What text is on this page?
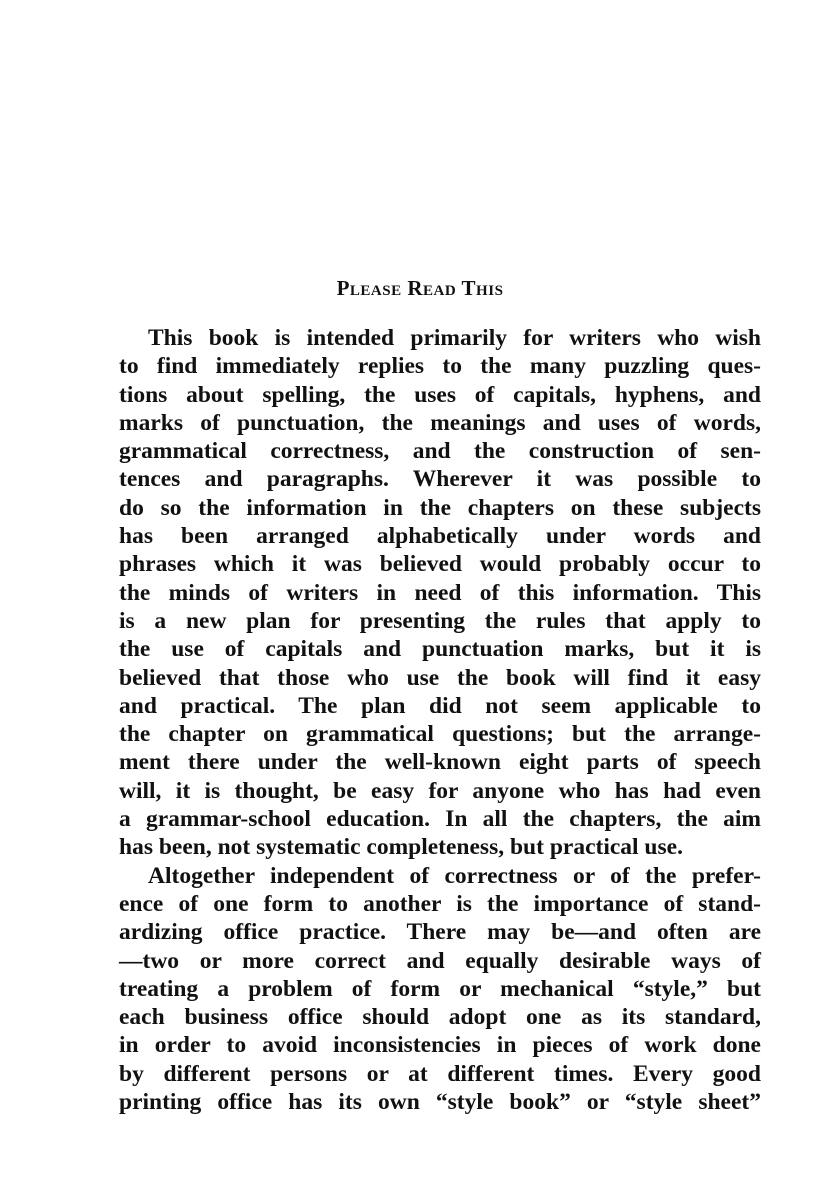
Please Read This
This book is intended primarily for writers who wish
to find immediately replies to the many puzzling ques-
tions about spelling, the uses of capitals, hyphens, and
marks of punctuation, the meanings and uses of words,
grammatical correctness, and the construction of sen-
tences and paragraphs. Wherever it was possible to
do so the information in the chapters on these subjects
has been arranged alphabetically under words and
phrases which it was believed would probably occur to
the minds of writers in need of this information. This
is a new plan for presenting the rules that apply to
the use of capitals and punctuation marks, but it is
believed that those who use the book will find it easy
and practical. The plan did not seem applicable to
the chapter on grammatical questions; but the arrange-
ment there under the well-known eight parts of speech
will, it is thought, be easy for anyone who has had even
a grammar-school education. In all the chapters, the aim
has been, not systematic completeness, but practical use.
Altogether independent of correctness or of the prefer-
ence of one form to another is the importance of stand-
ardizing office practice. There may be—and often are
—two or more correct and equally desirable ways of
treating a problem of form or mechanical “style,” but
each business office should adopt one as its standard,
in order to avoid inconsistencies in pieces of work done
by different persons or at different times. Every good
printing office has its own “style book” or “style sheet”
